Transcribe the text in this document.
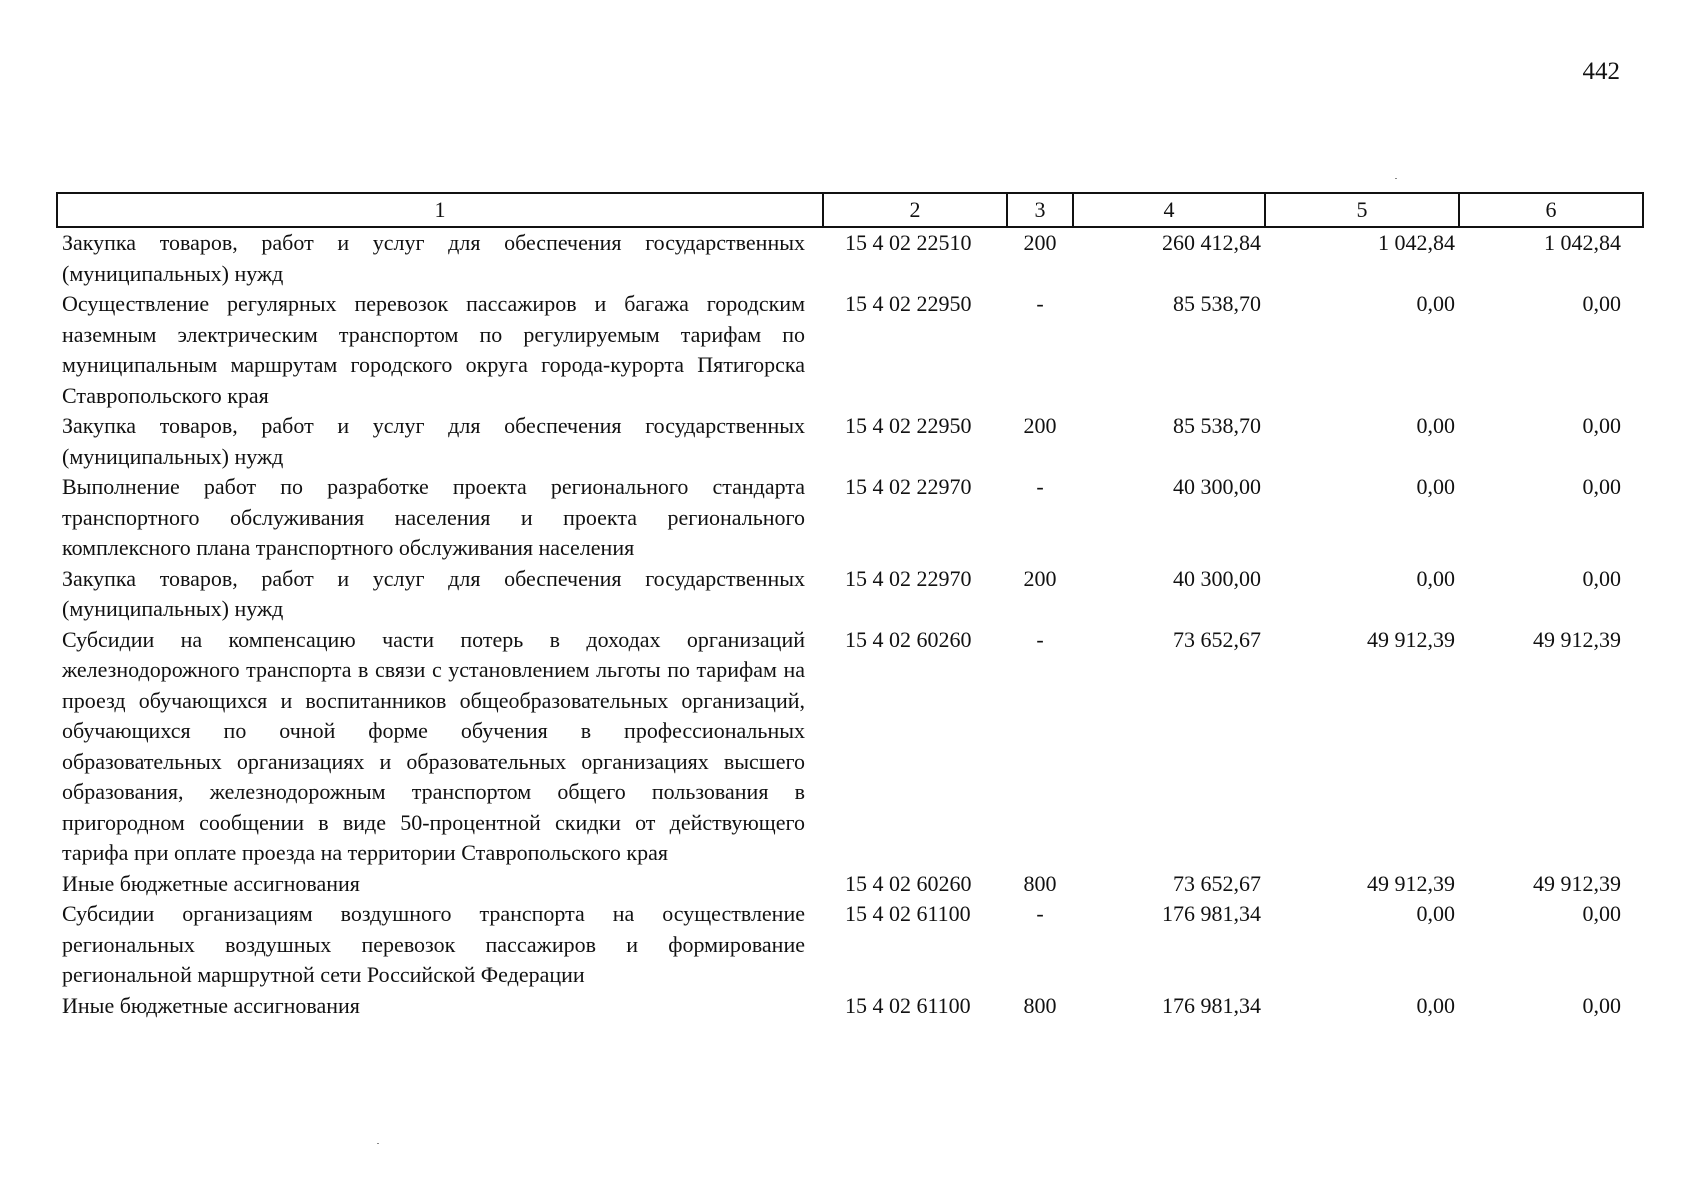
442
1	2	3	4	5	6
Закупка товаров, работ и услуг для обеспечения государственных (муниципальных) нужд	15 4 02 22510	200	260 412,84	1 042,84	1 042,84
Осуществление регулярных перевозок пассажиров и багажа городским наземным электрическим транспортом по регулируемым тарифам по муниципальным маршрутам городского округа города-курорта Пятигорска Ставропольского края	15 4 02 22950	-	85 538,70	0,00	0,00
Закупка товаров, работ и услуг для обеспечения государственных (муниципальных) нужд	15 4 02 22950	200	85 538,70	0,00	0,00
Выполнение работ по разработке проекта регионального стандарта транспортного обслуживания населения и проекта регионального комплексного плана транспортного обслуживания населения	15 4 02 22970	-	40 300,00	0,00	0,00
Закупка товаров, работ и услуг для обеспечения государственных (муниципальных) нужд	15 4 02 22970	200	40 300,00	0,00	0,00
Субсидии на компенсацию части потерь в доходах организаций железнодорожного транспорта в связи с установлением льготы по тарифам на проезд обучающихся и воспитанников общеобразовательных организаций, обучающихся по очной форме обучения в профессиональных образовательных организациях и образовательных организациях высшего образования, железнодорожным транспортом общего пользования в пригородном сообщении в виде 50-процентной скидки от действующего тарифа при оплате проезда на территории Ставропольского края	15 4 02 60260	-	73 652,67	49 912,39	49 912,39
Иные бюджетные ассигнования	15 4 02 60260	800	73 652,67	49 912,39	49 912,39
Субсидии организациям воздушного транспорта на осуществление региональных воздушных перевозок пассажиров и формирование региональной маршрутной сети Российской Федерации	15 4 02 61100	-	176 981,34	0,00	0,00
Иные бюджетные ассигнования	15 4 02 61100	800	176 981,34	0,00	0,00
